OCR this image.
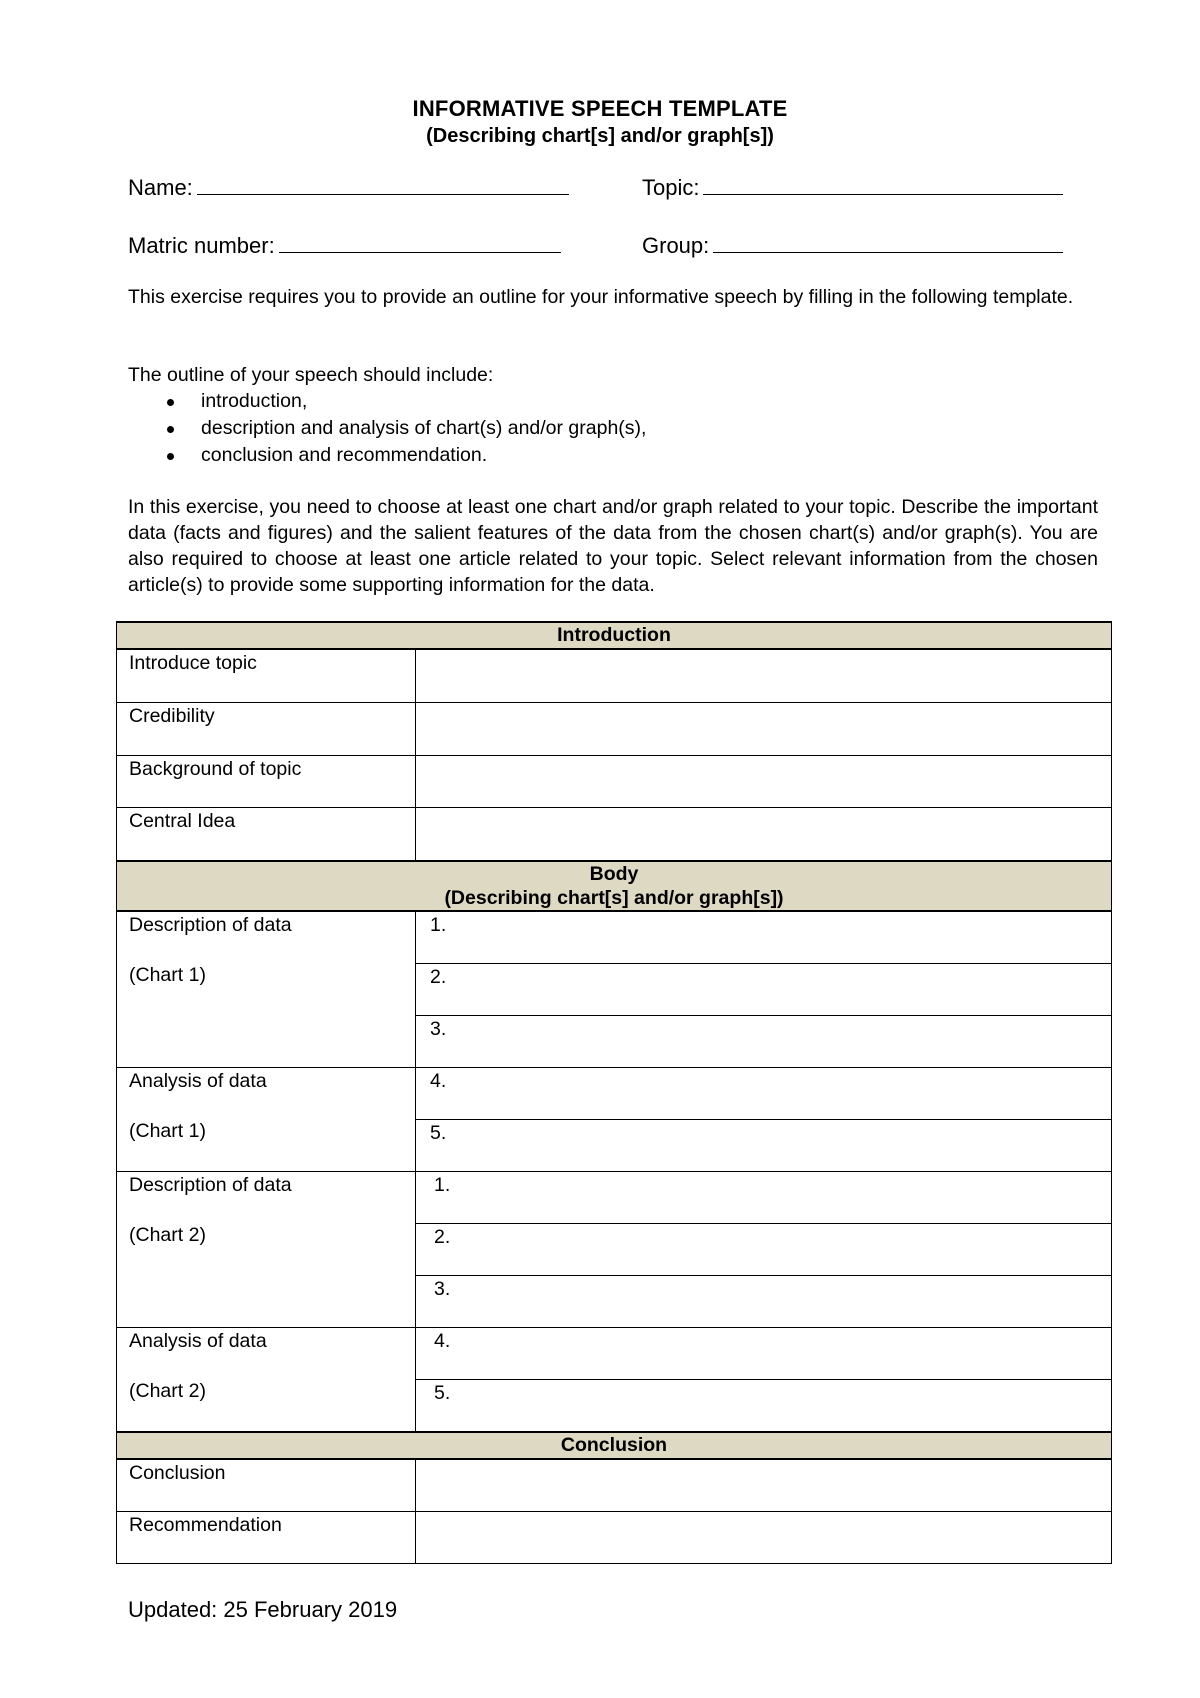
INFORMATIVE SPEECH TEMPLATE
(Describing chart[s] and/or graph[s])
Name:	Topic:
Matric number:	Group:
This exercise requires you to provide an outline for your informative speech by filling in the following template.
The outline of your speech should include:
introduction,
description and analysis of chart(s) and/or graph(s),
conclusion and recommendation.
In this exercise, you need to choose at least one chart and/or graph related to your topic. Describe the important data (facts and figures) and the salient features of the data from the chosen chart(s) and/or graph(s). You are also required to choose at least one article related to your topic. Select relevant information from the chosen article(s) to provide some supporting information for the data.
Introduction	
Introduce topic	
Credibility	
Background of topic	
Central Idea	

Body
(Describing chart[s] and/or graph[s])	

Description of data
(Chart 1)	1.
	2.
	3.
Analysis of data
(Chart 1)	4.
	5.
Description of data
(Chart 2)	1.
	2.
	3.
Analysis of data
(Chart 2)	4.
	5.
Conclusion	
Conclusion	
Recommendation	
Updated: 25 February 2019
